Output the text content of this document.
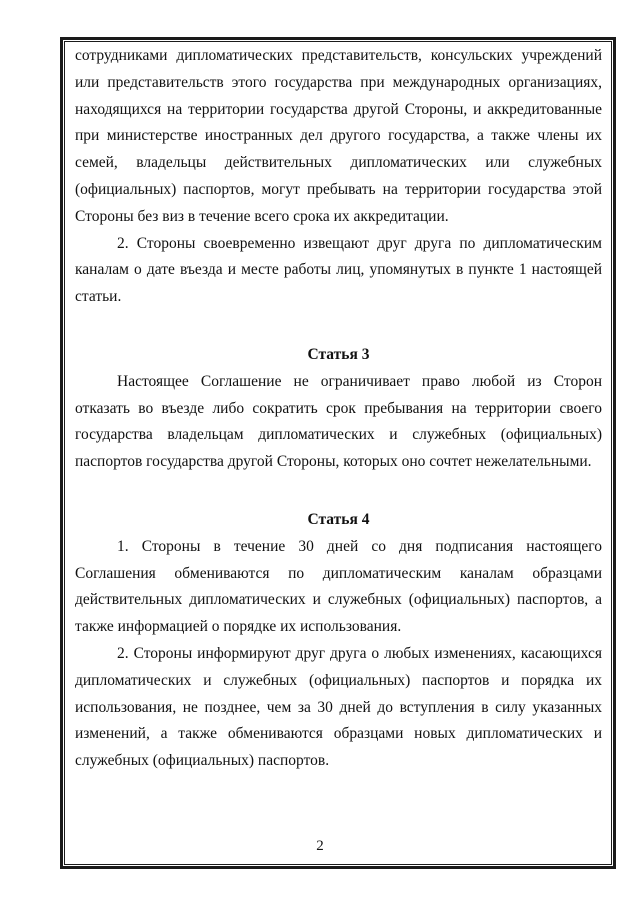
сотрудниками дипломатических представительств, консульских учреждений или представительств этого государства при международных организациях, находящихся на территории государства другой Стороны, и аккредитованные при министерстве иностранных дел другого государства, а также члены их семей, владельцы действительных дипломатических или служебных (официальных) паспортов, могут пребывать на территории государства этой Стороны без виз в течение всего срока их аккредитации.

2. Стороны своевременно извещают друг друга по дипломатическим каналам о дате въезда и месте работы лиц, упомянутых в пункте 1 настоящей статьи.

Статья 3

Настоящее Соглашение не ограничивает право любой из Сторон отказать во въезде либо сократить срок пребывания на территории своего государства владельцам дипломатических и служебных (официальных) паспортов государства другой Стороны, которых оно сочтет нежелательными.

Статья 4

1. Стороны в течение 30 дней со дня подписания настоящего Соглашения обмениваются по дипломатическим каналам образцами действительных дипломатических и служебных (официальных) паспортов, а также информацией о порядке их использования.

2. Стороны информируют друг друга о любых изменениях, касающихся дипломатических и служебных (официальных) паспортов и порядка их использования, не позднее, чем за 30 дней до вступления в силу указанных изменений, а также обмениваются образцами новых дипломатических и служебных (официальных) паспортов.

2
